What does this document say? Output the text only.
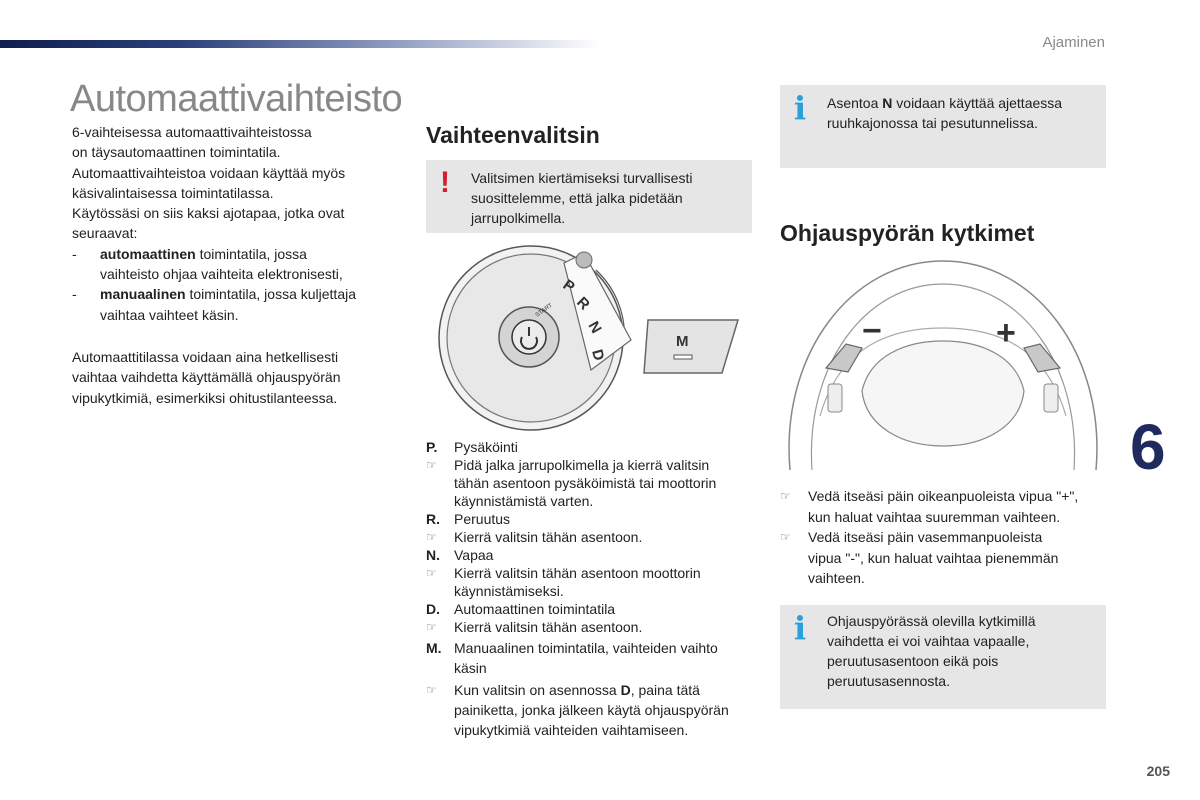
Ajaminen
Automaattivaihteisto

6-vaihteisessa automaattivaihteistossa

on täysautomaattinen toimintatila.

Automaattivaihteistoa voidaan käyttää myös

käsivalintaisessa toimintatilassa.

Käytössäsi on siis kaksi ajotapaa, jotka ovat

seuraavat:

-	automaattinen toimintatila, jossa
vaihteisto ohjaa vaihteita elektronisesti,
-	manuaalinen toimintatila, jossa kuljettaja
vaihtaa vaihteet käsin.

Automaattitilassa voidaan aina hetkellisesti

vaihtaa vaihdetta käyttämällä ohjauspyörän

vipukytkimiä, esimerkiksi ohitustilanteessa.

Vaihteenvalitsin
! Valitsimen kiertämiseksi turvallisesti
suosittelemme, että jalka pidetään
jarrupolkimella.
P
R
N
D
START
M
P.	Pysäköinti
☞	Pidä jalka jarrupolkimella ja kierrä valitsin
tähän asentoon pysäköimistä tai moottorin
käynnistämistä varten.
R.	Peruutus
☞	Kierrä valitsin tähän asentoon.
N.	Vapaa
☞	Kierrä valitsin tähän asentoon moottorin
käynnistämiseksi.
D.	Automaattinen toimintatila
☞	Kierrä valitsin tähän asentoon.
M. Manuaalinen toimintatila, vaihteiden vaihto
käsin
☞	Kun valitsin on asennossa D, paina tätä
painiketta, jonka jälkeen käytä ohjauspyörän
vipukytkimiä vaihteiden vaihtamiseen.
i Asentoa N voidaan käyttää ajettaessa
ruuhkajonossa tai pesutunnelissa.
Ohjauspyörän kytkimet
−	+
☞	Vedä itseäsi päin oikeanpuoleista vipua "+",
kun haluat vaihtaa suuremman vaihteen.
☞	Vedä itseäsi päin vasemmanpuoleista
vipua "-", kun haluat vaihtaa pienemmän
vaihteen.
i Ohjauspyörässä olevilla kytkimillä
vaihdetta ei voi vaihtaa vapaalle,
peruutusasentoon eikä pois
peruutusasennosta.
6
205
